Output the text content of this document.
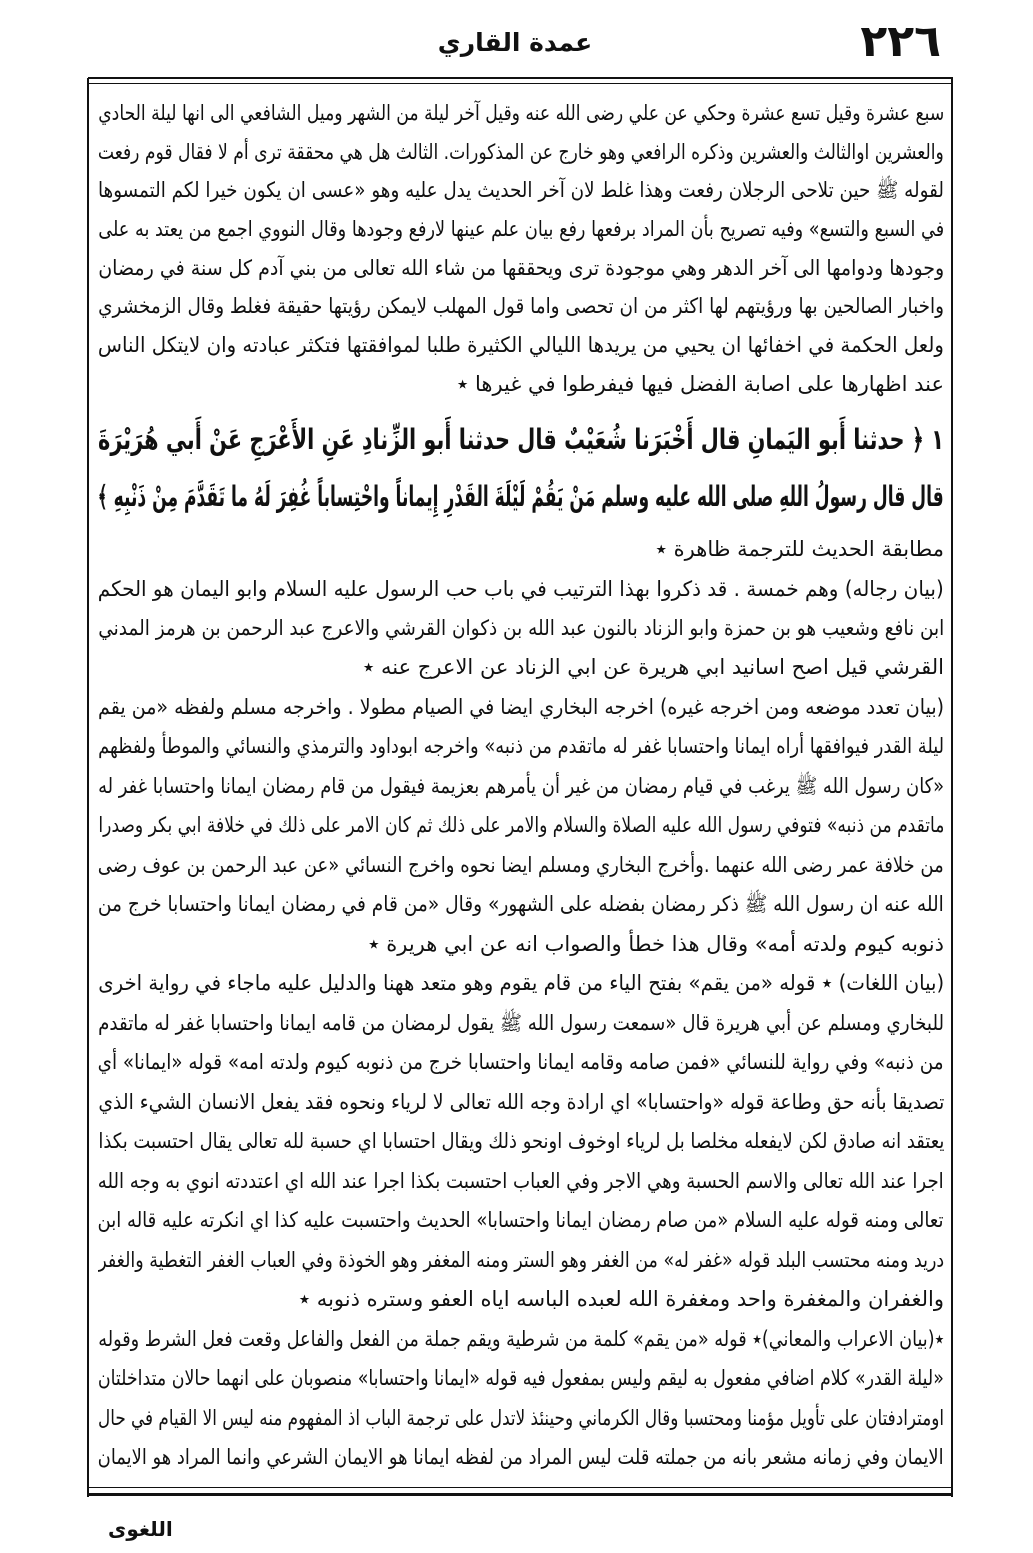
٢٢٦
عمدة القاري
سبع عشرة وقيل تسع عشرة وحكي عن علي رضى الله عنه وقيل آخر ليلة من الشهر وميل الشافعي الى انها ليلة الحادي
والعشرين اوالثالث والعشرين وذكره الرافعي وهو خارج عن المذكورات. الثالث هل هي محققة ترى أم لا فقال قوم رفعت
لقوله ﷺ حين تلاحى الرجلان رفعت وهذا غلط لان آخر الحديث يدل عليه وهو «عسى ان يكون خيرا لكم التمسوها
في السبع والتسع» وفيه تصريح بأن المراد برفعها رفع بيان علم عينها لارفع وجودها وقال النووي اجمع من يعتد به على
وجودها ودوامها الى آخر الدهر وهي موجودة ترى ويحققها من شاء الله تعالى من بني آدم كل سنة في رمضان
واخبار الصالحين بها ورؤيتهم لها اكثر من ان تحصى واما قول المهلب لايمكن رؤيتها حقيقة فغلط وقال الزمخشري
ولعل الحكمة في اخفائها ان يحيي من يريدها الليالي الكثيرة طلبا لموافقتها فتكثر عبادته وان لايتكل الناس
عند اظهارها على اصابة الفضل فيها فيفرطوا في غيرها ٭
١ ﴿ حدثنا أَبو اليَمانِ قال أَخْبَرَنا شُعَيْبٌ قال حدثنا أَبو الزِّنادِ عَنِ الأَعْرَجِ عَنْ أَبي هُرَيْرَةَ
قال قال رسولُ اللهِ صلى الله عليه وسلم مَنْ يَقُمْ لَيْلَةَ القَدْرِ إِيماناً واحْتِساباً غُفِرَ لَهُ ما تَقَدَّمَ مِنْ ذَنْبِهِ ﴾
مطابقة الحديث للترجمة ظاهرة ٭
(بيان رجاله) وهم خمسة . قد ذكروا بهذا الترتيب في باب حب الرسول عليه السلام وابو اليمان هو الحكم
ابن نافع وشعيب هو بن حمزة وابو الزناد بالنون عبد الله بن ذكوان القرشي والاعرج عبد الرحمن بن هرمز المدني
القرشي قيل اصح اسانيد ابي هريرة عن ابي الزناد عن الاعرج عنه ٭
(بيان تعدد موضعه ومن اخرجه غيره) اخرجه البخاري ايضا في الصيام مطولا . واخرجه مسلم ولفظه «من يقم
ليلة القدر فيوافقها أراه ايمانا واحتسابا غفر له ماتقدم من ذنبه» واخرجه ابوداود والترمذي والنسائي والموطأ ولفظهم
«كان رسول الله ﷺ يرغب في قيام رمضان من غير أن يأمرهم بعزيمة فيقول من قام رمضان ايمانا واحتسابا غفر له
ماتقدم من ذنبه» فتوفي رسول الله عليه الصلاة والسلام والامر على ذلك ثم كان الامر على ذلك في خلافة ابي بكر وصدرا
من خلافة عمر رضى الله عنهما .وأخرج البخاري ومسلم ايضا نحوه واخرج النسائي «عن عبد الرحمن بن عوف رضى
الله عنه ان رسول الله ﷺ ذكر رمضان بفضله على الشهور» وقال «من قام في رمضان ايمانا واحتسابا خرج من
ذنوبه كيوم ولدته أمه» وقال هذا خطأ والصواب انه عن ابي هريرة ٭
(بيان اللغات) ٭ قوله «من يقم» بفتح الياء من قام يقوم وهو متعد ههنا والدليل عليه ماجاء في رواية اخرى
للبخاري ومسلم عن أبي هريرة قال «سمعت رسول الله ﷺ يقول لرمضان من قامه ايمانا واحتسابا غفر له ماتقدم
من ذنبه» وفي رواية للنسائي «فمن صامه وقامه ايمانا واحتسابا خرج من ذنوبه كيوم ولدته امه» قوله «ايمانا» أي
تصديقا بأنه حق وطاعة قوله «واحتسابا» اي ارادة وجه الله تعالى لا لرياء ونحوه فقد يفعل الانسان الشيء الذي
يعتقد انه صادق لكن لايفعله مخلصا بل لرياء اوخوف اونحو ذلك ويقال احتسابا اي حسبة لله تعالى يقال احتسبت بكذا
اجرا عند الله تعالى والاسم الحسبة وهي الاجر وفي العباب احتسبت بكذا اجرا عند الله اي اعتددته انوي به وجه الله
تعالى ومنه قوله عليه السلام «من صام رمضان ايمانا واحتسابا» الحديث واحتسبت عليه كذا اي انكرته عليه قاله ابن
دريد ومنه محتسب البلد قوله «غفر له» من الغفر وهو الستر ومنه المغفر وهو الخوذة وفي العباب الغفر التغطية والغفر
والغفران والمغفرة واحد ومغفرة الله لعبده الباسه اياه العفو وستره ذنوبه ٭
٭(بيان الاعراب والمعاني)٭ قوله «من يقم» كلمة من شرطية ويقم جملة من الفعل والفاعل وقعت فعل الشرط وقوله
«ليلة القدر» كلام اضافي مفعول به ليقم وليس بمفعول فيه قوله «ايمانا واحتسابا» منصوبان على انهما حالان متداخلتان
اومترادفتان على تأويل مؤمنا ومحتسبا وقال الكرماني وحينئذ لاتدل على ترجمة الباب اذ المفهوم منه ليس الا القيام في حال
الايمان وفي زمانه مشعر بانه من جملته قلت ليس المراد من لفظه ايمانا هو الايمان الشرعي وانما المراد هو الايمان
اللغوى
